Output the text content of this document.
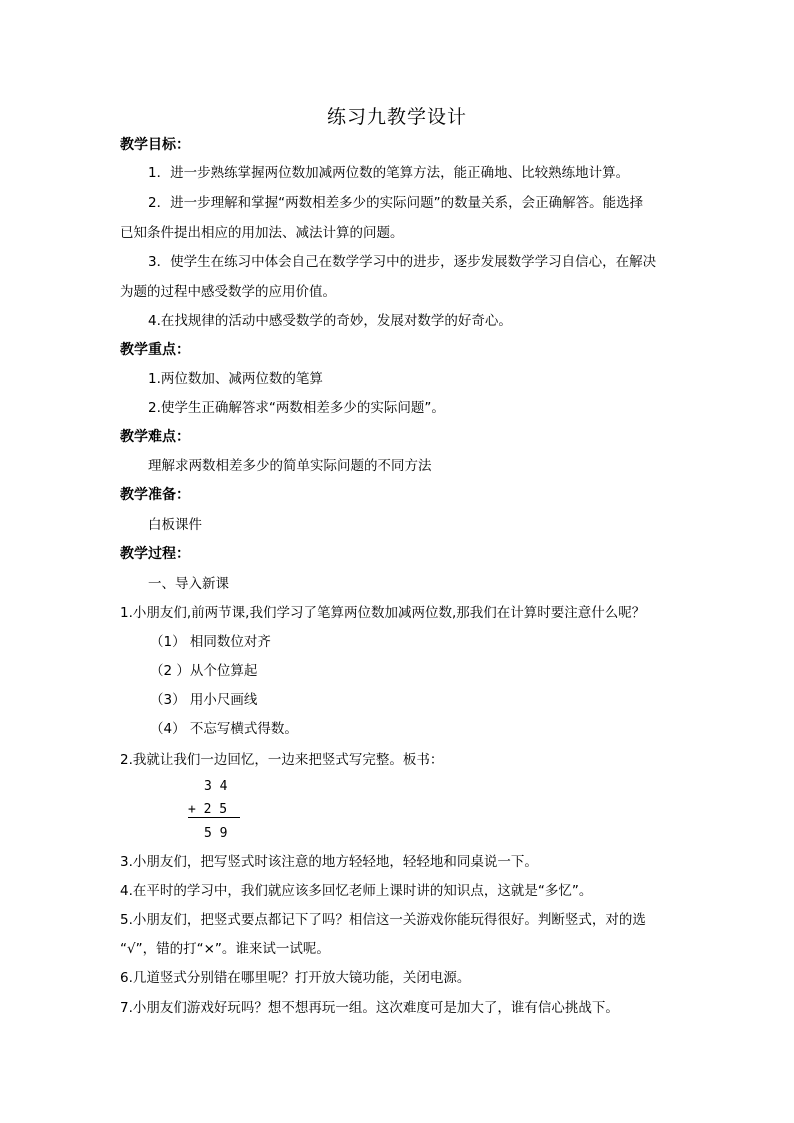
练习九教学设计
教学目标：
1．进一步熟练掌握两位数加减两位数的笔算方法，能正确地、比较熟练地计算。
2．进一步理解和掌握“两数相差多少的实际问题”的数量关系，会正确解答。能选择
已知条件提出相应的用加法、减法计算的问题。
3．使学生在练习中体会自己在数学学习中的进步，逐步发展数学学习自信心，在解决
为题的过程中感受数学的应用价值。
4.在找规律的活动中感受数学的奇妙，发展对数学的好奇心。
教学重点：
1.两位数加、减两位数的笔算
2.使学生正确解答求“两数相差多少的实际问题”。
教学难点：
理解求两数相差多少的简单实际问题的不同方法
教学准备：
白板课件
教学过程：
一、导入新课
1.小朋友们,前两节课,我们学习了笔算两位数加减两位数,那我们在计算时要注意什么呢？
（1） 相同数位对齐
（2 ）从个位算起
（3） 用小尺画线
（4） 不忘写横式得数。
2.我就让我们一边回忆，一边来把竖式写完整。板书：
3 4
+ 2 5
5 9
3.小朋友们，把写竖式时该注意的地方轻轻地，轻轻地和同桌说一下。
4.在平时的学习中，我们就应该多回忆老师上课时讲的知识点，这就是“多忆”。
5.小朋友们，把竖式要点都记下了吗？相信这一关游戏你能玩得很好。判断竖式，对的选
“√”，错的打“×”。谁来试一试呢。
6.几道竖式分别错在哪里呢？打开放大镜功能，关闭电源。
7.小朋友们游戏好玩吗？想不想再玩一组。这次难度可是加大了，谁有信心挑战下。
